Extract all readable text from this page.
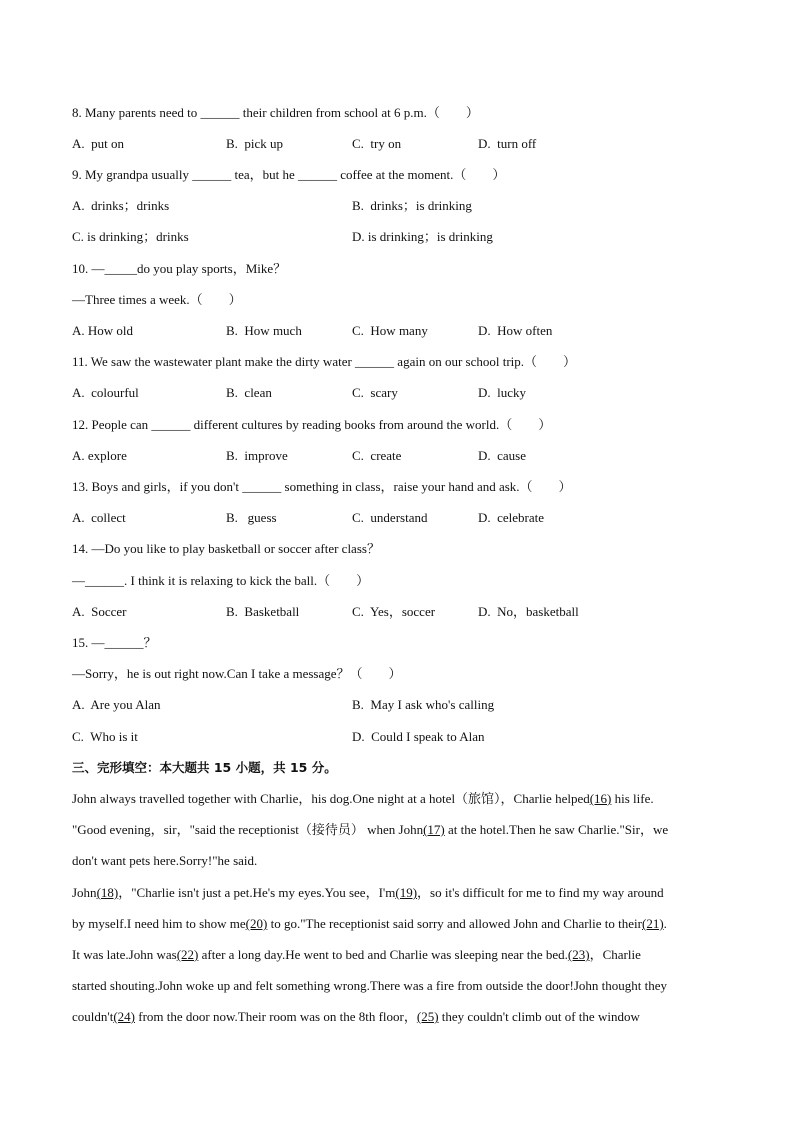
8. Many parents need to ______ their children from school at 6 p.m.（　　）
A.  put on	B.  pick up	C.  try on	D.  turn off
9. My grandpa usually ______ tea，but he ______ coffee at the moment.（　　）
A.  drinks；drinks	B.  drinks；is drinking
C. is drinking；drinks	D. is drinking；is drinking
10. —_____do you play sports，Mike？
—Three times a week.（　　）
A. How old	B.  How much	C.  How many	D.  How often
11. We saw the wastewater plant make the dirty water ______ again on our school trip.（　　）
A.  colourful	B.  clean	C.  scary	D.  lucky
12. People can ______ different cultures by reading books from around the world.（　　）
A. explore	B.  improve	C.  create	D.  cause
13. Boys and girls，if you don't ______ something in class，raise your hand and ask.（　　）
A.  collect	B.   guess	C.  understand	D.  celebrate
14. —Do you like to play basketball or soccer after class？
—______. I think it is relaxing to kick the ball.（　　）
A.  Soccer	B.  Basketball	C.  Yes，soccer	D.  No，basketball
15. —______？
—Sorry，he is out right now.Can I take a message？（　　）
A.  Are you Alan	B.  May I ask who's calling
C.  Who is it	D.  Could I speak to Alan
三、完形填空：本大题共 15 小题，共 15 分。
John always travelled together with Charlie，his dog.One night at a hotel（旅馆），Charlie helped(16) his life.
"Good evening，sir，"said the receptionist（接待员） when John(17) at the hotel.Then he saw Charlie."Sir，we
don't want pets here.Sorry!"he said.
John(18)，"Charlie isn't just a pet.He's my eyes.You see，I'm(19)，so it's difficult for me to find my way around
by myself.I need him to show me(20) to go."The receptionist said sorry and allowed John and Charlie to their(21).
It was late.John was(22) after a long day.He went to bed and Charlie was sleeping near the bed.(23)，Charlie
started shouting.John woke up and felt something wrong.There was a fire from outside the door!John thought they
couldn't(24) from the door now.Their room was on the 8th floor，(25) they couldn't climb out of the window
